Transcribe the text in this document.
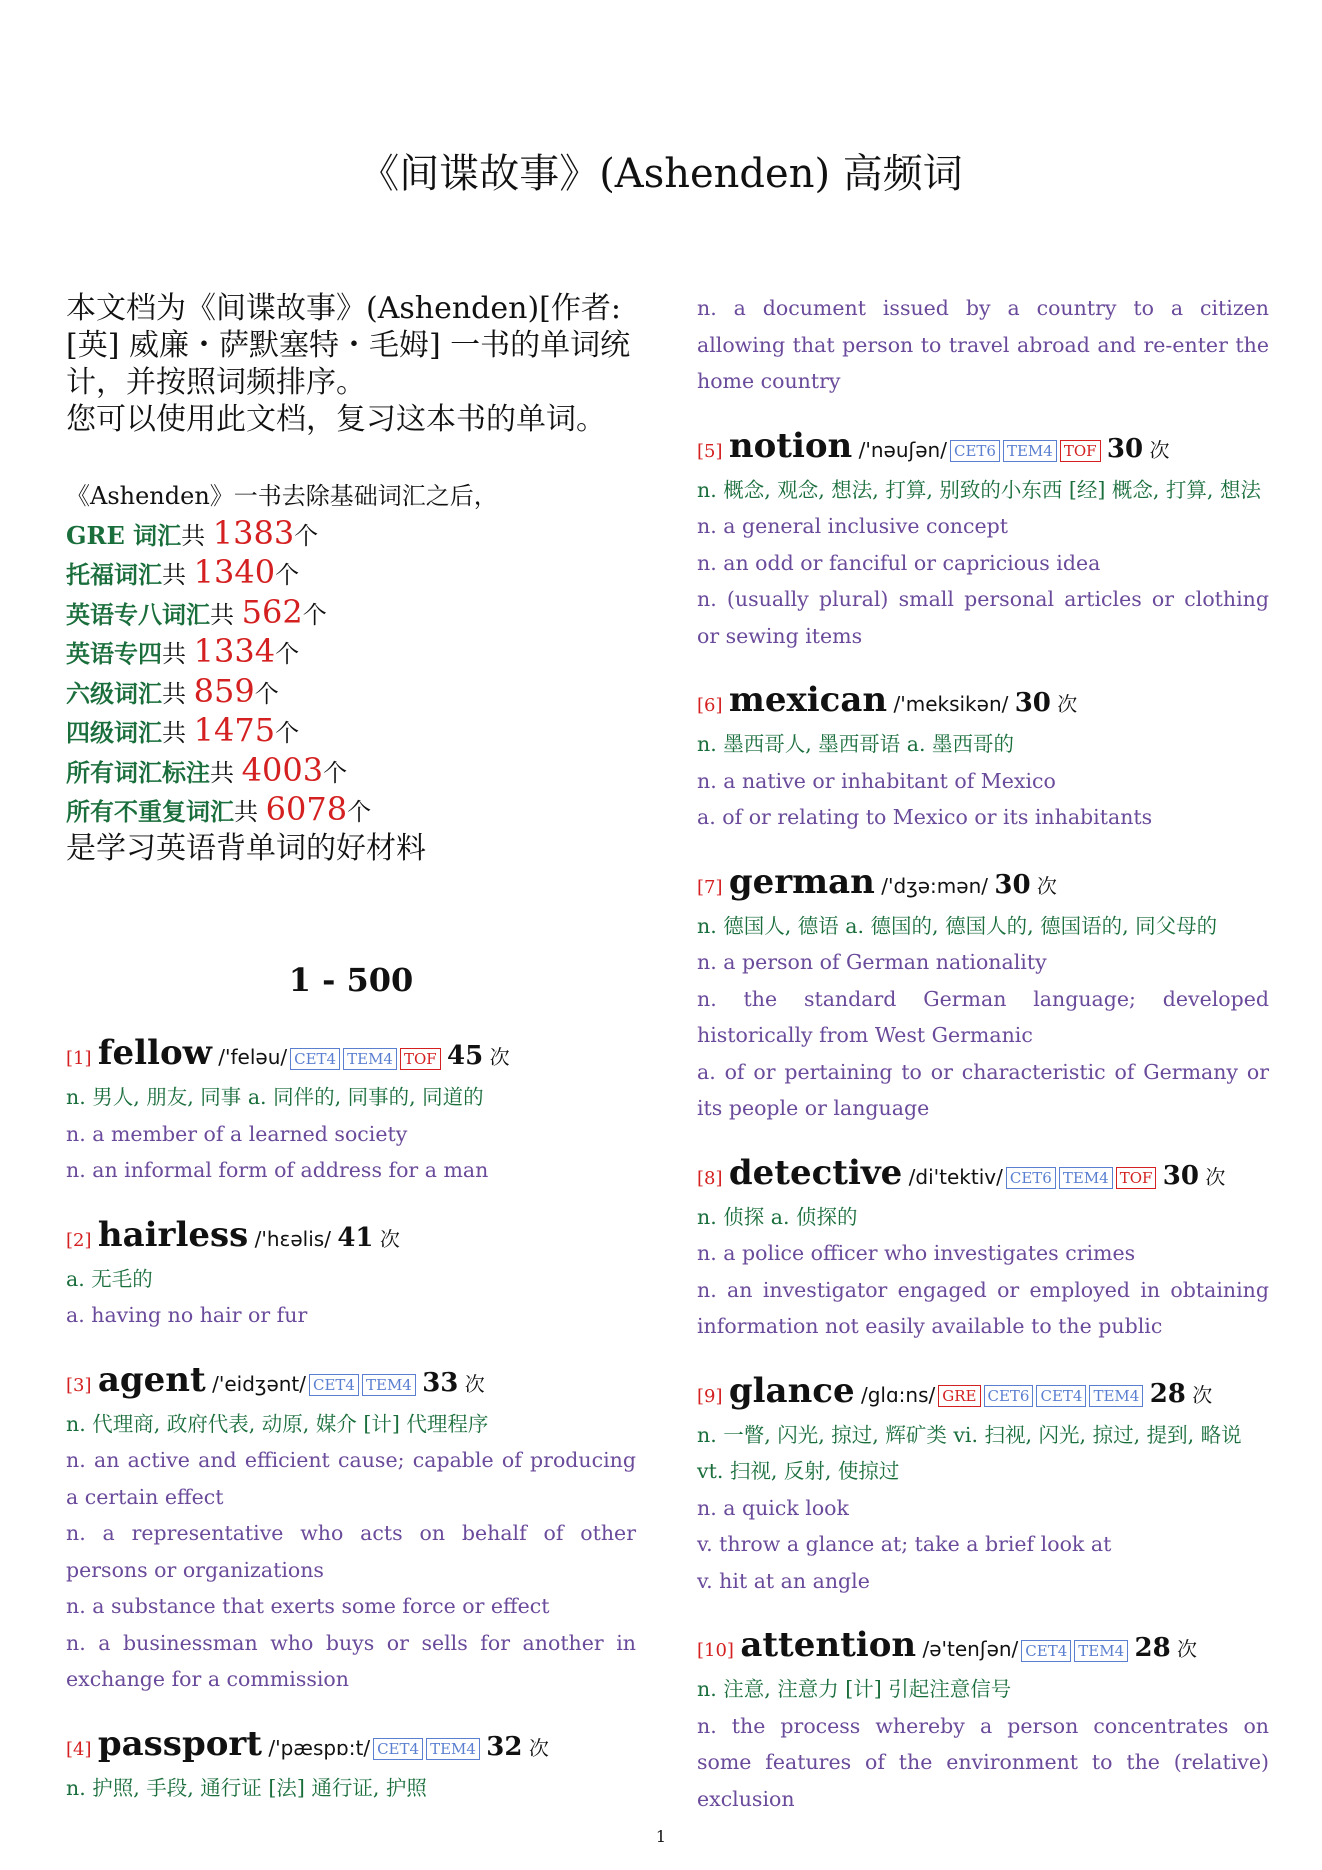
《间谍故事》(Ashenden) 高频词

本文档为《间谍故事》(Ashenden)[作者: [英] 威廉・萨默塞特・毛姆] 一书的单词统计，并按照词频排序。

您可以使用此文档，复习这本书的单词。

《Ashenden》一书去除基础词汇之后，
GRE 词汇共 1383个
托福词汇共 1340个
英语专八词汇共 562个
英语专四共 1334个
六级词汇共 859个
四级词汇共 1475个
所有词汇标注共 4003个
所有不重复词汇共 6078个
是学习英语背单词的好材料
1 - 500
[1] fellow /'feləu/ CET4 TEM4 TOF 45 次
n. 男人, 朋友, 同事 a. 同伴的, 同事的, 同道的
n. a member of a learned society
n. an informal form of address for a man
[2] hairless /'hɛəlis/ 41 次
a. 无毛的
a. having no hair or fur
[3] agent /'eidʒənt/ CET4 TEM4 33 次
n. 代理商, 政府代表, 动原, 媒介 [计] 代理程序
n. an active and efficient cause; capable of producing a certain effect
n. a representative who acts on behalf of other persons or organizations
n. a substance that exerts some force or effect
n. a businessman who buys or sells for another in exchange for a commission
[4] passport /'pæspɒ:t/ CET4 TEM4 32 次
n. 护照, 手段, 通行证 [法] 通行证, 护照
n. a document issued by a country to a citizen allowing that person to travel abroad and re-enter the home country
[5] notion /'nəuʃən/ CET6 TEM4 TOF 30 次
n. 概念, 观念, 想法, 打算, 别致的小东西 [经] 概念, 打算, 想法
n. a general inclusive concept
n. an odd or fanciful or capricious idea
n. (usually plural) small personal articles or clothing or sewing items
[6] mexican /'meksikən/ 30 次
n. 墨西哥人, 墨西哥语 a. 墨西哥的
n. a native or inhabitant of Mexico
a. of or relating to Mexico or its inhabitants
[7] german /'dʒə:mən/ 30 次
n. 德国人, 德语 a. 德国的, 德国人的, 德国语的, 同父母的
n. a person of German nationality
n. the standard German language; developed historically from West Germanic
a. of or pertaining to or characteristic of Germany or its people or language
[8] detective /di'tektiv/ CET6 TEM4 TOF 30 次
n. 侦探 a. 侦探的
n. a police officer who investigates crimes
n. an investigator engaged or employed in obtaining information not easily available to the public
[9] glance /glɑ:ns/ GRE CET6 CET4 TEM4 28 次
n. 一瞥, 闪光, 掠过, 辉矿类 vi. 扫视, 闪光, 掠过, 提到, 略说 vt. 扫视, 反射, 使掠过
n. a quick look
v. throw a glance at; take a brief look at
v. hit at an angle
[10] attention /ə'tenʃən/ CET4 TEM4 28 次
n. 注意, 注意力 [计] 引起注意信号
n. the process whereby a person concentrates on some features of the environment to the (relative) exclusion
1
